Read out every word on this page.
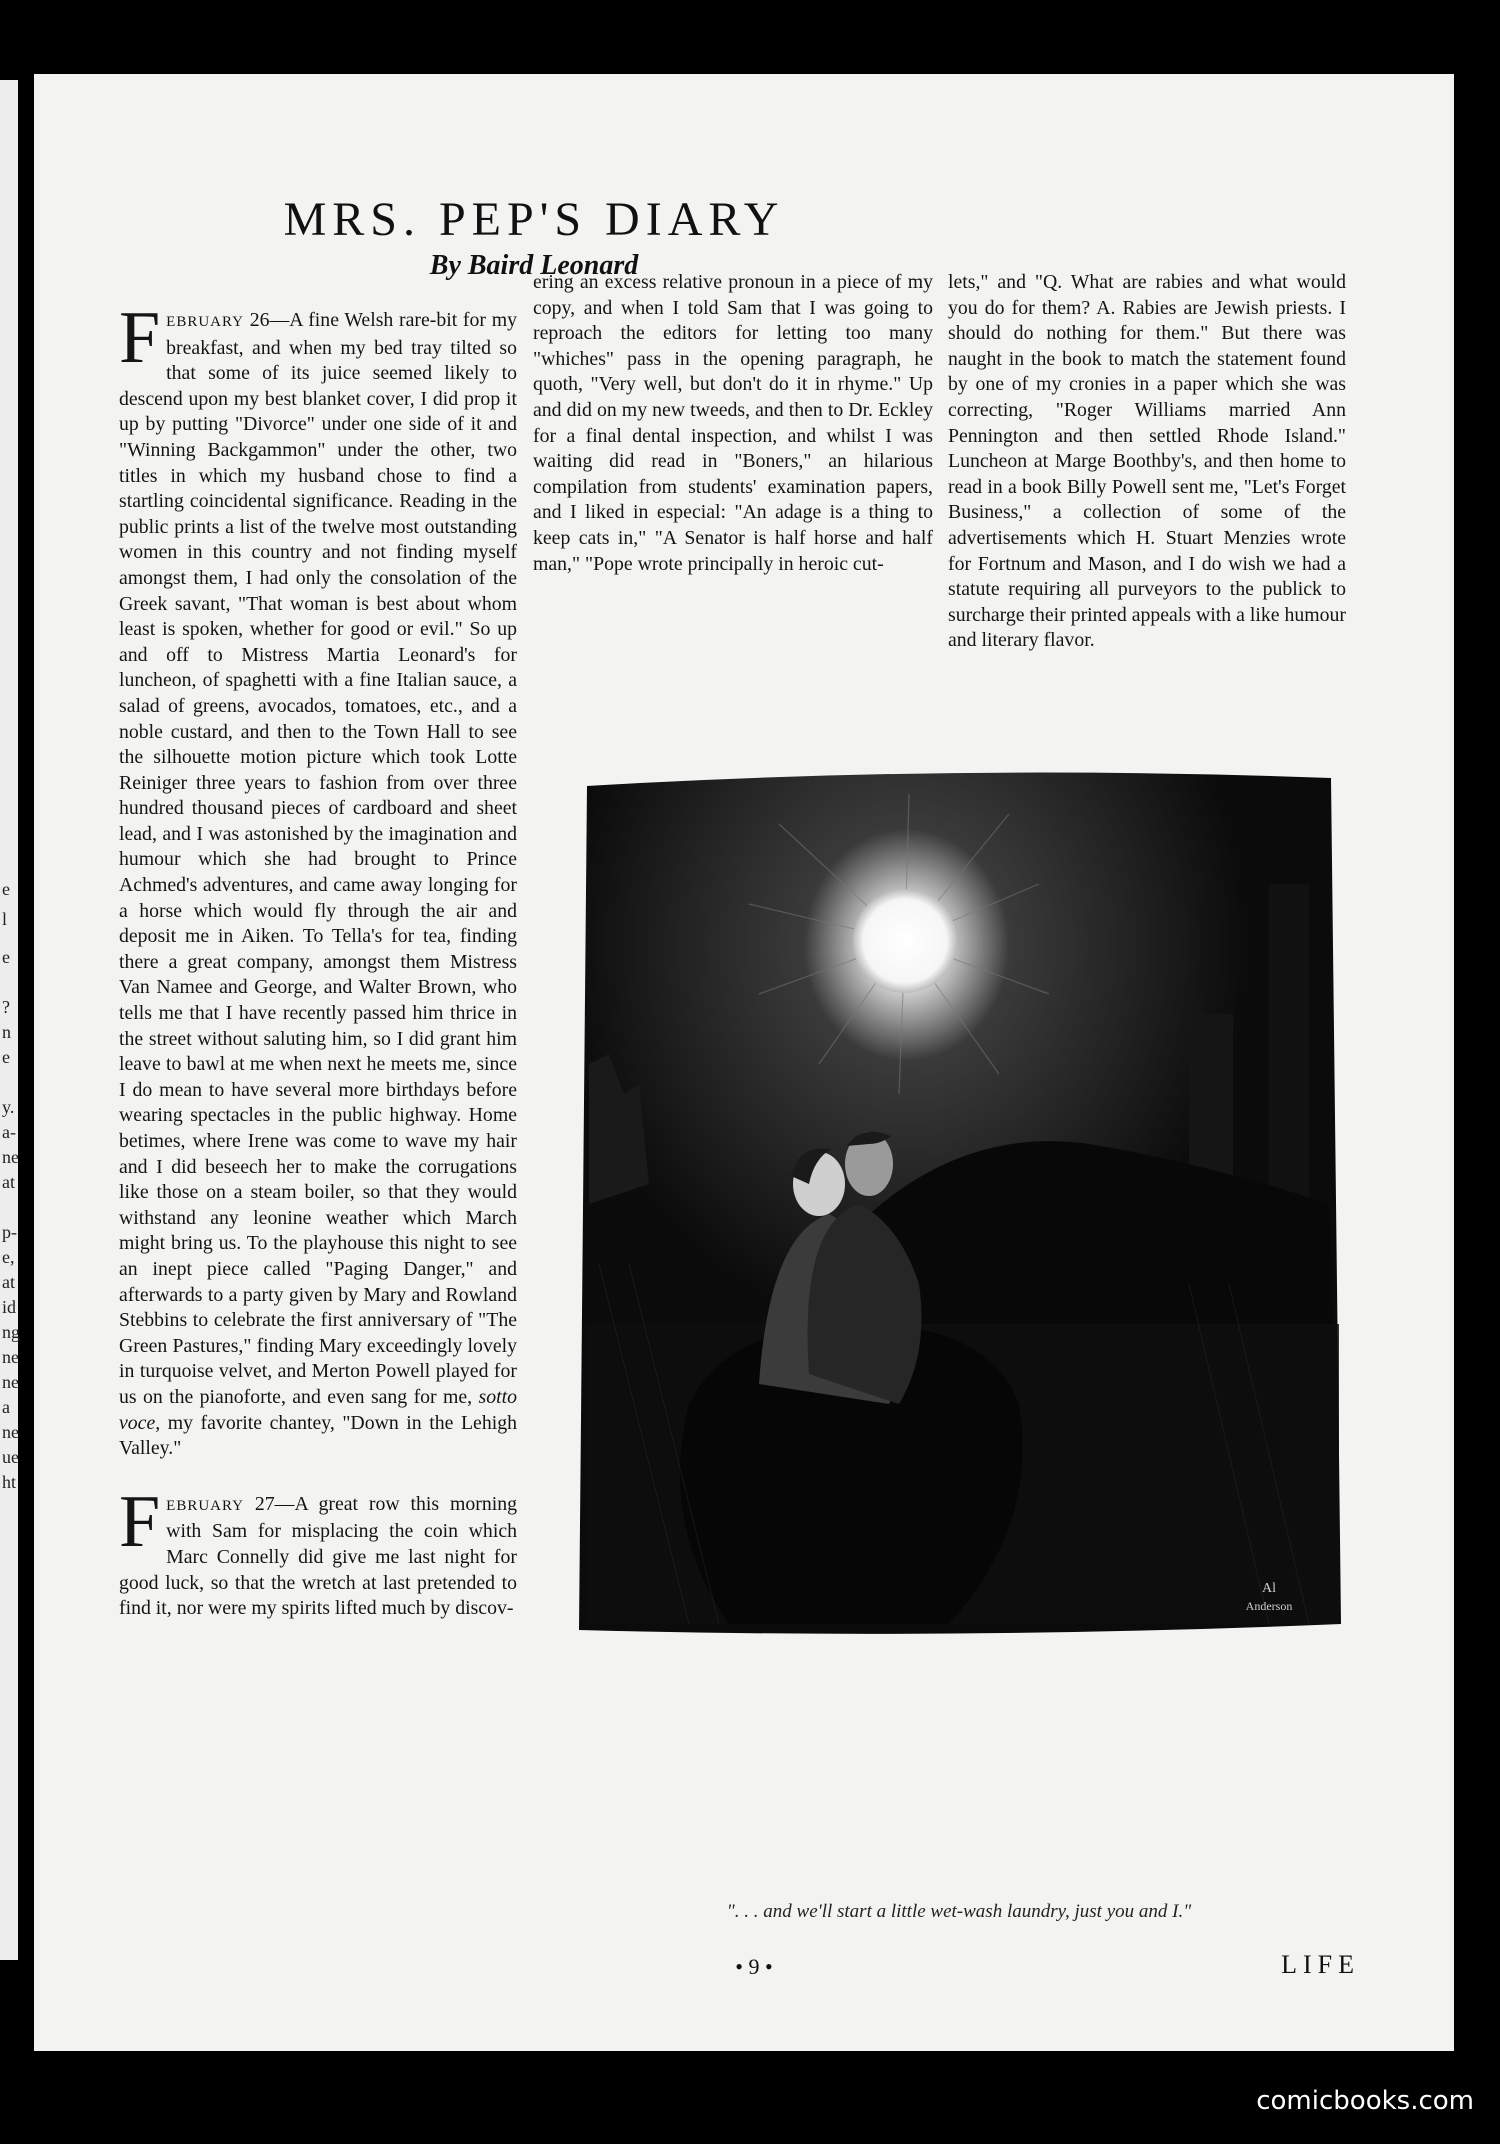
e
l
e
?
n
e
y.
a-
ne
at
p-
e,
at
id
ng
ne
ne
a
ne
ue
ht
MRS. PEP'S DIARY
By Baird Leonard

FEBRUARY 26—A fine Welsh rare-bit for my breakfast, and when my bed tray tilted so that some of its juice seemed likely to descend upon my best blanket cover, I did prop it up by putting "Divorce" under one side of it and "Winning Backgammon" under the other, two titles in which my husband chose to find a startling coincidental significance. Reading in the public prints a list of the twelve most outstanding women in this country and not finding myself amongst them, I had only the consolation of the Greek savant, "That woman is best about whom least is spoken, whether for good or evil." So up and off to Mistress Martia Leonard's for luncheon, of spaghetti with a fine Italian sauce, a salad of greens, avocados, tomatoes, etc., and a noble custard, and then to the Town Hall to see the silhouette motion picture which took Lotte Reiniger three years to fashion from over three hundred thousand pieces of cardboard and sheet lead, and I was astonished by the imagination and humour which she had brought to Prince Achmed's adventures, and came away longing for a horse which would fly through the air and deposit me in Aiken. To Tella's for tea, finding there a great company, amongst them Mistress Van Namee and George, and Walter Brown, who tells me that I have recently passed him thrice in the street without saluting him, so I did grant him leave to bawl at me when next he meets me, since I do mean to have several more birthdays before wearing spectacles in the public highway. Home betimes, where Irene was come to wave my hair and I did beseech her to make the corrugations like those on a steam boiler, so that they would withstand any leonine weather which March might bring us. To the playhouse this night to see an inept piece called "Paging Danger," and afterwards to a party given by Mary and Rowland Stebbins to celebrate the first anniversary of "The Green Pastures," finding Mary exceedingly lovely in turquoise velvet, and Merton Powell played for us on the pianoforte, and even sang for me, sotto voce, my favorite chantey, "Down in the Lehigh Valley."

FEBRUARY 27—A great row this morning with Sam for misplacing the coin which Marc Connelly did give me last night for good luck, so that the wretch at last pretended to find it, nor were my spirits lifted much by discov-

ering an excess relative pronoun in a piece of my copy, and when I told Sam that I was going to reproach the editors for letting too many "whiches" pass in the opening paragraph, he quoth, "Very well, but don't do it in rhyme." Up and did on my new tweeds, and then to Dr. Eckley for a final dental inspection, and whilst I was waiting did read in "Boners," an hilarious compilation from students' examination papers, and I liked in especial: "An adage is a thing to keep cats in," "A Senator is half horse and half man," "Pope wrote principally in heroic cut-

lets," and "Q. What are rabies and what would you do for them? A. Rabies are Jewish priests. I should do nothing for them." But there was naught in the book to match the statement found by one of my cronies in a paper which she was correcting, "Roger Williams married Ann Pennington and then settled Rhode Island." Luncheon at Marge Boothby's, and then home to read in a book Billy Powell sent me, "Let's Forget Business," a collection of some of the advertisements which H. Stuart Menzies wrote for Fortnum and Mason, and I do wish we had a statute requiring all purveyors to the publick to surcharge their printed appeals with a like humour and literary flavor.

Al
Anderson
". . . and we'll start a little wet-wash laundry, just you and I."
• 9 •	LIFE
comicbooks.com
